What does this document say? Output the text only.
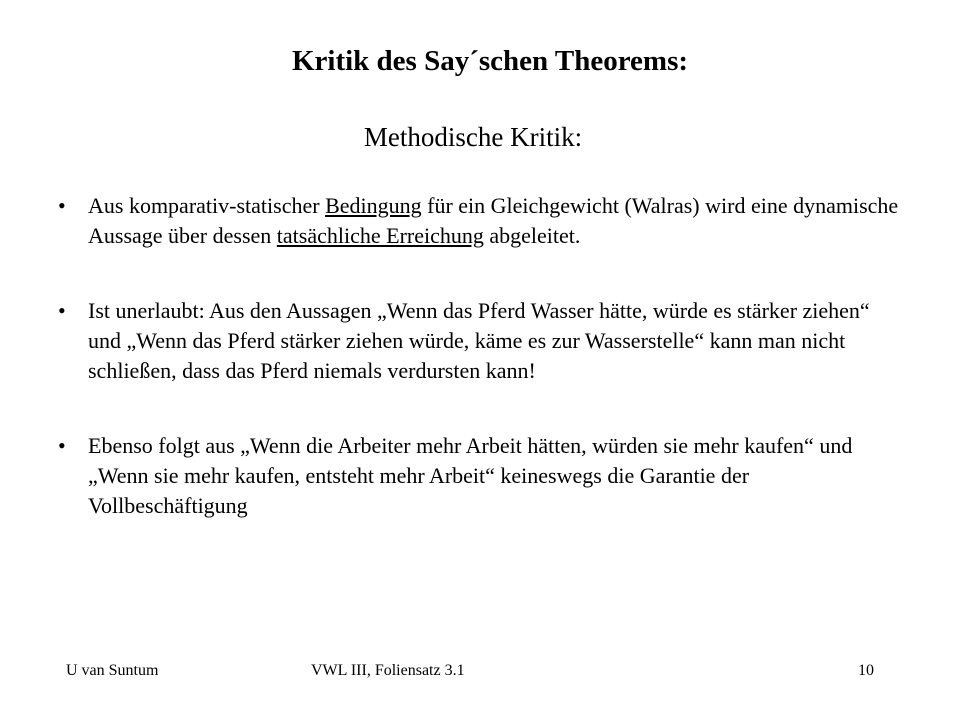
Kritik des Say´schen Theorems:
Methodische Kritik:
•	Aus komparativ-statischer Bedingung für ein Gleichgewicht (Walras) wird eine dynamische Aussage über dessen tatsächliche Erreichung abgeleitet.
•	Ist unerlaubt: Aus den Aussagen „Wenn das Pferd Wasser hätte, würde es stärker ziehen“ und „Wenn das Pferd stärker ziehen würde, käme es zur Wasserstelle“ kann man nicht schließen, dass das Pferd niemals verdursten kann!
•	Ebenso folgt aus „Wenn die Arbeiter mehr Arbeit hätten, würden sie mehr kaufen“ und „Wenn sie mehr kaufen, entsteht mehr Arbeit“ keineswegs die Garantie der Vollbeschäftigung
U van Suntum	VWL III, Foliensatz 3.1	10
